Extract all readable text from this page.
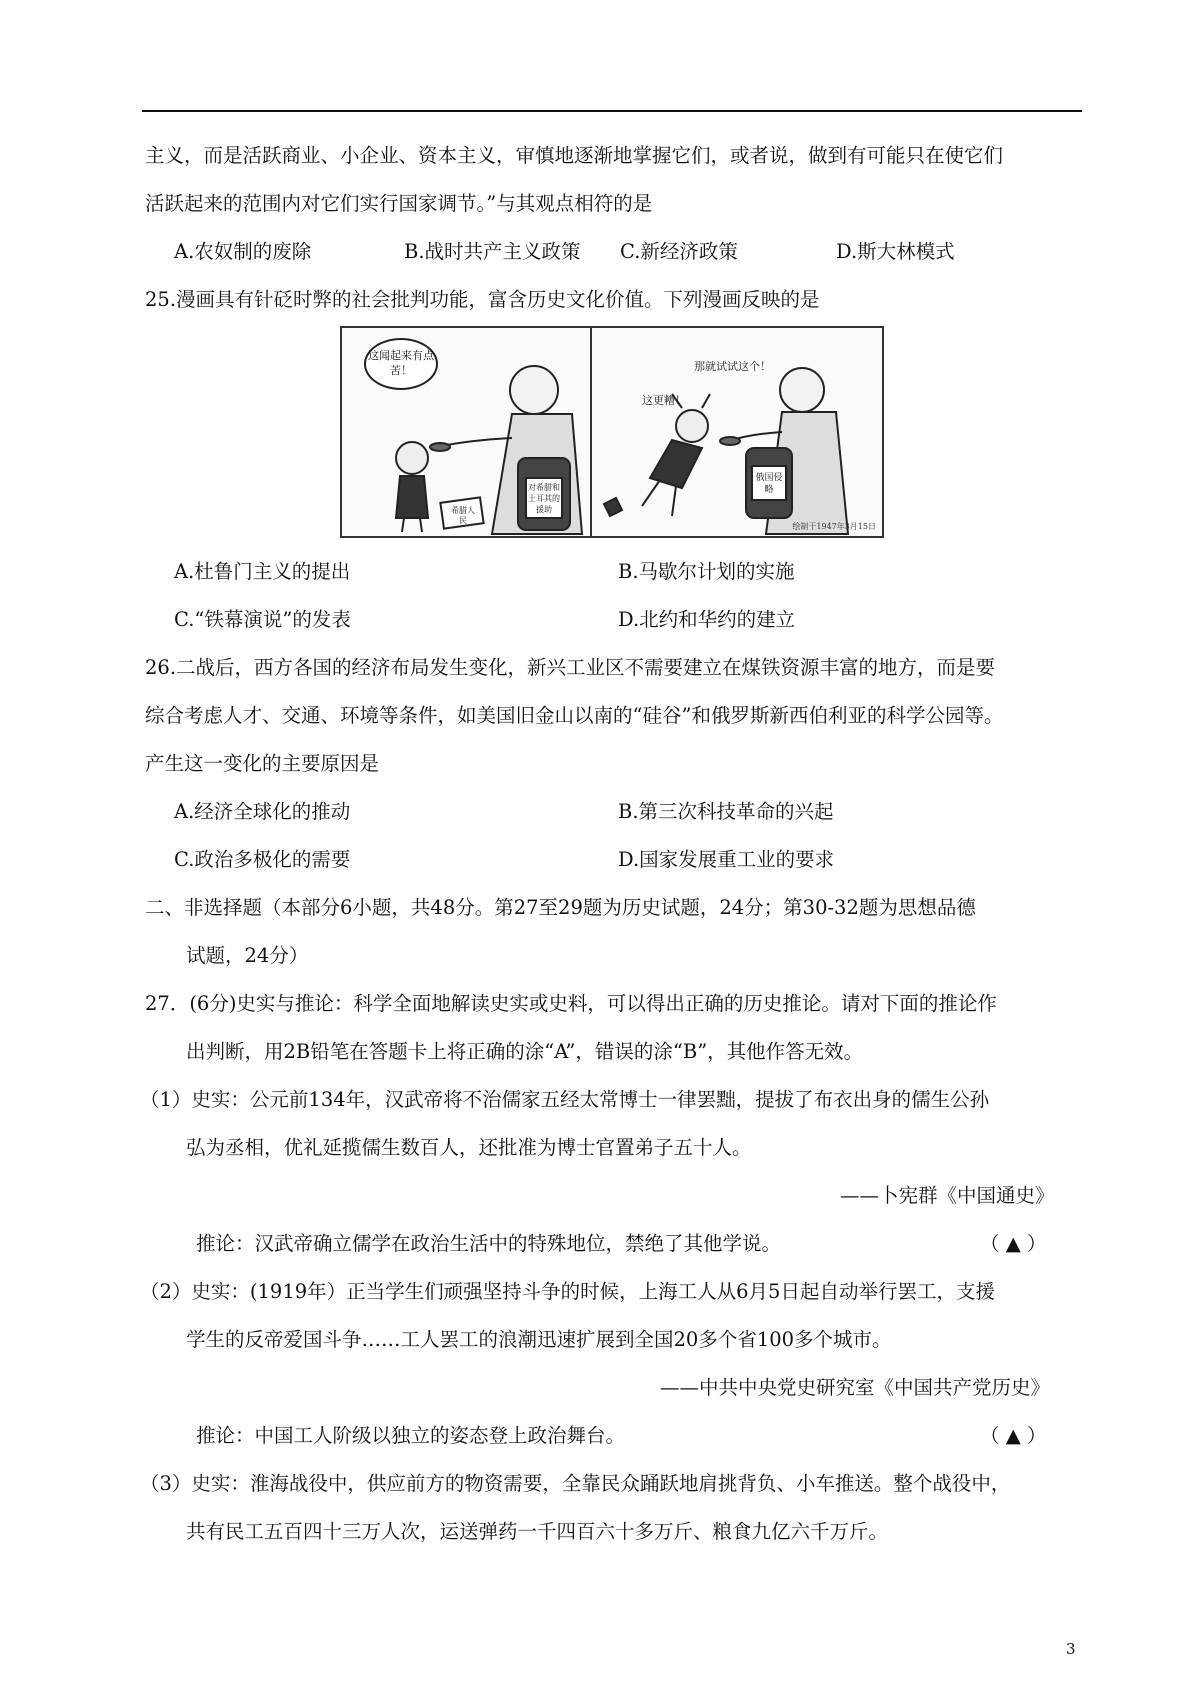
主义，而是活跃商业、小企业、资本主义，审慎地逐渐地掌握它们，或者说，做到有可能只在使它们
活跃起来的范围内对它们实行国家调节。”与其观点相符的是
A.农奴制的废除	B.战时共产主义政策 C.新经济政策	D.斯大林模式
25.漫画具有针砭时弊的社会批判功能，富含历史文化价值。下列漫画反映的是
这闻起来有点苦！
对希腊和土耳其的援助
希腊人民
那就试试这个！
这更糟！
俄国侵略
绘制于1947年3月15日
A.杜鲁门主义的提出	B.马歇尔计划的实施
C.“铁幕演说”的发表	D.北约和华约的建立
26.二战后，西方各国的经济布局发生变化，新兴工业区不需要建立在煤铁资源丰富的地方，而是要
综合考虑人才、交通、环境等条件，如美国旧金山以南的“硅谷”和俄罗斯新西伯利亚的科学公园等。
产生这一变化的主要原因是
A.经济全球化的推动	B.第三次科技革命的兴起
C.政治多极化的需要	D.国家发展重工业的要求
二、非选择题（本部分6小题，共48分。第27至29题为历史试题，24分；第30-32题为思想品德
试题，24分）
27．(6分)史实与推论：科学全面地解读史实或史料，可以得出正确的历史推论。请对下面的推论作
出判断，用2B铅笔在答题卡上将正确的涂“A”，错误的涂“B”，其他作答无效。
（1）史实：公元前134年，汉武帝将不治儒家五经太常博士一律罢黜，提拔了布衣出身的儒生公孙
弘为丞相，优礼延揽儒生数百人，还批准为博士官置弟子五十人。
——卜宪群《中国通史》
推论：汉武帝确立儒学在政治生活中的特殊地位，禁绝了其他学说。	（ ▲ ）
（2）史实：(1919年）正当学生们顽强坚持斗争的时候，上海工人从6月5日起自动举行罢工，支援
学生的反帝爱国斗争……工人罢工的浪潮迅速扩展到全国20多个省100多个城市。
——中共中央党史研究室《中国共产党历史》
推论：中国工人阶级以独立的姿态登上政治舞台。	（ ▲ ）
（3）史实：淮海战役中，供应前方的物资需要，全靠民众踊跃地肩挑背负、小车推送。整个战役中，
共有民工五百四十三万人次，运送弹药一千四百六十多万斤、粮食九亿六千万斤。
3
